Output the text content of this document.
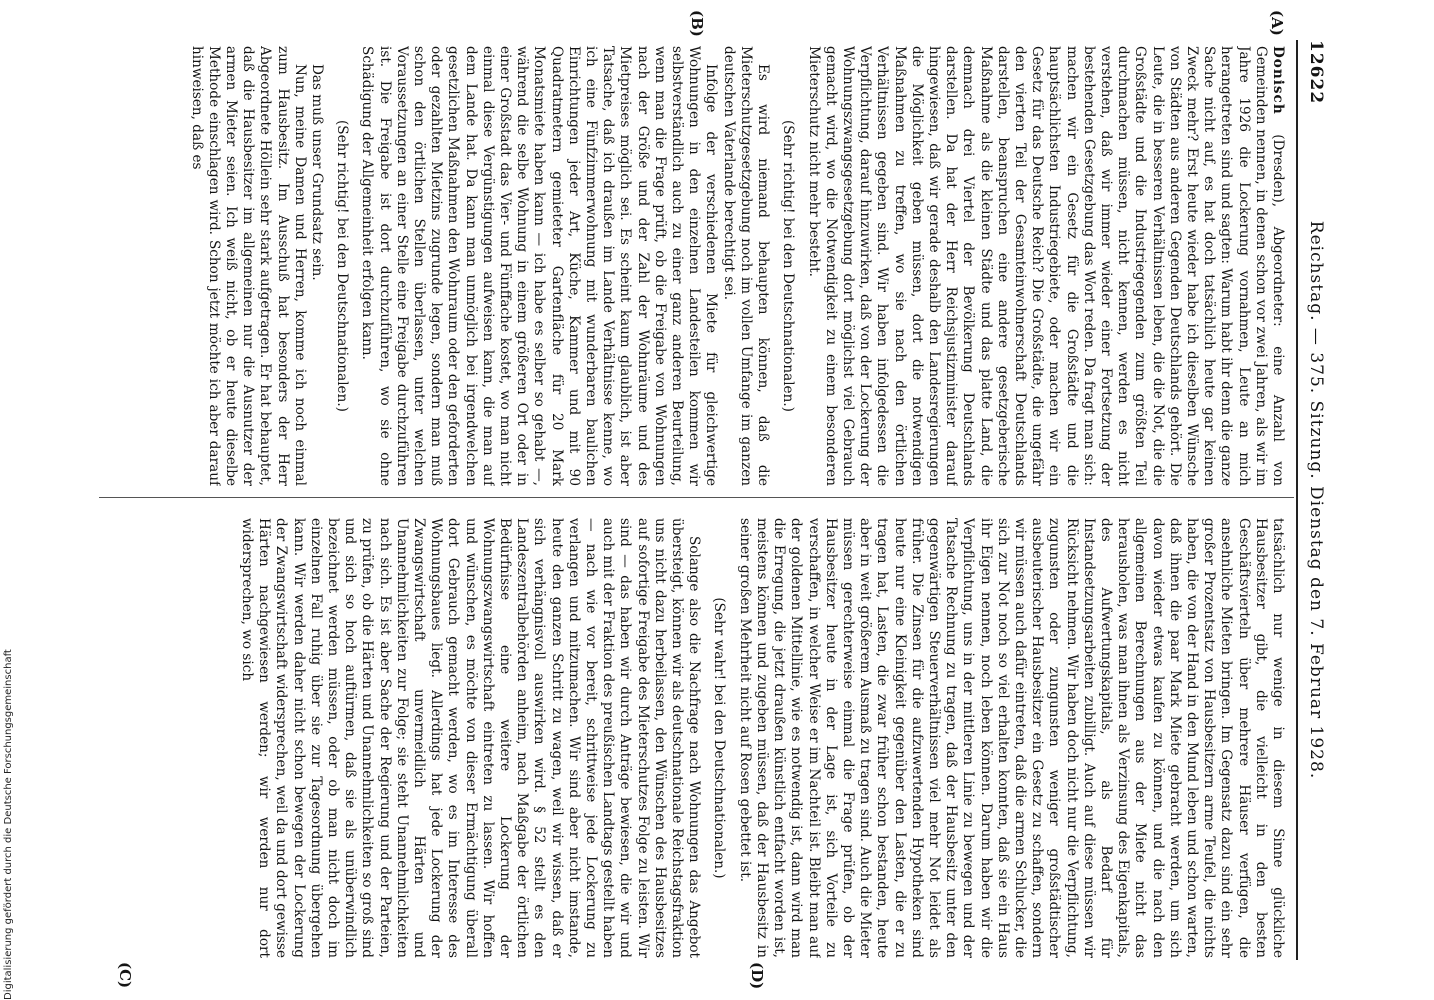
12622
Reichstag. — 375. Sitzung. Dienstag den 7. Februar 1928.
(A)
(B)
(C)	(D)

Donisch (Dresden), Abgeordneter: eine Anzahl von Gemeinden nennen, in denen schon vor zwei Jahren, als wir im Jahre 1926 die Lockerung vornahmen, Leute an mich herangetreten sind und sagten: Warum habt ihr denn die ganze Sache nicht auf, es hat doch tatsächlich heute gar keinen Zweck mehr? Erst heute wieder habe ich dieselben Wünsche von Städten aus anderen Gegenden Deutschlands gehört. Die Leute, die in besseren Verhältnissen leben, die die Not, die die Großstädte und die Industriegegenden zum größten Teil durchmachen müssen, nicht kennen, werden es nicht verstehen, daß wir immer wieder einer Fortsetzung der bestehenden Gesetzgebung das Wort reden. Da fragt man sich: machen wir ein Gesetz für die Großstädte und die hauptsächlichsten Industriegebiete, oder machen wir ein Gesetz für das Deutsche Reich? Die Großstädte, die ungefähr den vierten Teil der Gesamteinwohnerschaft Deutschlands darstellen, beanspruchen eine andere gesetzgeberische Maßnahme als die kleinen Städte und das platte Land, die demnach drei Viertel der Bevölkerung Deutschlands darstellen. Da hat der Herr Reichsjustizminister darauf hingewiesen, daß wir gerade deshalb den Landesregierungen die Möglichkeit geben müssen, dort die notwendigen Maßnahmen zu treffen, wo sie nach den örtlichen Verhältnissen gegeben sind. Wir haben infolgedessen die Verpflichtung, darauf hinzuwirken, daß von der Lockerung der Wohnungszwangsgesetzgebung dort möglichst viel Gebrauch gemacht wird, wo die Notwendigkeit zu einem besonderen Mieterschutz nicht mehr besteht.

(Sehr richtig! bei den Deutschnationalen.)

Es wird niemand behaupten können, daß die Mieterschutzgesetzgebung noch im vollen Umfange im ganzen deutschen Vaterlande berechtigt sei.

Infolge der verschiedenen Miete für gleichwertige Wohnungen in den einzelnen Landesteilen kommen wir selbstverständlich auch zu einer ganz anderen Beurteilung, wenn man die Frage prüft, ob die Freigabe von Wohnungen nach der Größe und der Zahl der Wohnräume und des Mietpreises möglich sei. Es scheint kaum glaublich, ist aber Tatsache, daß ich draußen im Lande Verhältnisse kenne, wo ich eine Fünfzimmerwohnung mit wunderbaren baulichen Einrichtungen jeder Art, Küche, Kammer und mit 90 Quadratmetern gemieteter Gartenfläche für 20 Mark Monatsmiete haben kann — ich habe es selber so gehabt —, während die selbe Wohnung in einem größeren Ort oder in einer Großstadt das Vier- und Fünffache kostet, wo man nicht einmal diese Vergünstigungen aufweisen kann, die man auf dem Lande hat. Da kann man unmöglich bei irgendwelchen gesetzlichen Maßnahmen den Wohnraum oder den geforderten oder gezahlten Mietzins zugrunde legen, sondern man muß schon den örtlichen Stellen überlassen, unter welchen Voraussetzungen an einer Stelle eine Freigabe durchzuführen ist. Die Freigabe ist dort durchzuführen, wo sie ohne Schädigung der Allgemeinheit erfolgen kann.

(Sehr richtig! bei den Deutschnationalen.)

Das muß unser Grundsatz sein.

Nun, meine Damen und Herren, komme ich noch einmal zum Hausbesitz. Im Ausschuß hat besonders der Herr Abgeordnete Höllein sehr stark aufgetragen. Er hat behauptet, daß die Hausbesitzer im allgemeinen nur die Ausnutzer der armen Mieter seien. Ich weiß nicht, ob er heute dieselbe Methode einschlagen wird. Schon jetzt möchte ich aber darauf hinweisen, daß es

tatsächlich nur wenige in diesem Sinne glückliche Hausbesitzer gibt, die vielleicht in den besten Geschäftsvierteln über mehrere Häuser verfügen, die ansehnliche Mieten bringen. Im Gegensatz dazu sind ein sehr großer Prozentsatz von Hausbesitzern arme Teufel, die nichts haben, die von der Hand in den Mund leben und schon warten, daß ihnen die paar Mark Miete gebracht werden, um sich davon wieder etwas kaufen zu können, und die nach den allgemeinen Berechnungen aus der Miete nicht das herausholen, was man ihnen als Verzinsung des Eigenkapitals, des Aufwertungskapitals, als Bedarf für Instandsetzungsarbeiten zubilligt. Auch auf diese müssen wir Rücksicht nehmen. Wir haben doch nicht nur die Verpflichtung, zugunsten oder zungunsten weniger großstädtischer ausbeuterischer Hausbesitzer ein Gesetz zu schaffen, sondern wir müssen auch dafür eintreten, daß die armen Schlucker, die sich zur Not noch so viel erhalten konnten, daß sie ein Haus ihr Eigen nennen, noch leben können. Darum haben wir die Verpflichtung, uns in der mittleren Linie zu bewegen und der Tatsache Rechnung zu tragen, daß der Hausbesitz unter den gegenwärtigen Steuerverhältnissen viel mehr Not leidet als früher. Die Zinsen für die aufzuwertenden Hypotheken sind heute nur eine Kleinigkeit gegenüber den Lasten, die er zu tragen hat, Lasten, die zwar früher schon bestanden, heute aber in weit größerem Ausmaß zu tragen sind. Auch die Mieter müssen gerechterweise einmal die Frage prüfen, ob der Hausbesitzer heute in der Lage ist, sich Vorteile zu verschaffen, in welcher Weise er im Nachteil ist. Bleibt man auf der goldenen Mittellinie, wie es notwendig ist, dann wird man die Erregung, die jetzt draußen künstlich entfacht worden ist, meistens können und zugeben müssen, daß der Hausbesitz in seiner großen Mehrheit nicht auf Rosen gebettet ist.

(Sehr wahr! bei den Deutschnationalen.)

Solange also die Nachfrage nach Wohnungen das Angebot übersteigt, können wir als deutschnationale Reichstagsfraktion uns nicht dazu herbeilassen, den Wünschen des Hausbesitzes auf sofortige Freigabe des Mieterschutzes Folge zu leisten. Wir sind — das haben wir durch Anträge bewiesen, die wir und auch mit der Fraktion des preußischen Landtags gestellt haben — nach wie vor bereit, schrittweise jede Lockerung zu verlangen und mitzumachen. Wir sind aber nicht imstande, heute den ganzen Schritt zu wagen, weil wir wissen, daß er sich verhängnisvoll auswirken wird. § 52 stellt es den Landeszentralbehörden anheim, nach Maßgabe der örtlichen Bedürfnisse eine weitere Lockerung der Wohnungszwangswirtschaft eintreten zu lassen. Wir hoffen und wünschen, es möchte von dieser Ermächtigung überall dort Gebrauch gemacht werden, wo es im Interesse des Wohnungsbaues liegt. Allerdings hat jede Lockerung der Zwangswirtschaft unvermeidlich Härten und Unannehmlichkeiten zur Folge; sie steht Unannehmlichkeiten nach sich. Es ist aber Sache der Regierung und der Parteien, zu prüfen, ob die Härten und Unannehmlichkeiten so groß sind und sich so hoch auftürmen, daß sie als unüberwindlich bezeichnet werden müssen, oder ob man nicht doch im einzelnen Fall ruhig über sie zur Tagesordnung übergehen kann. Wir werden daher nicht schon bewegen der Lockerung der Zwangswirtschaft widersprechen, weil da und dort gewisse Härten nachgewiesen werden; wir werden nur dort widersprechen, wo sich

Digitalisierung gefördert durch die Deutsche Forschungsgemeinschaft
